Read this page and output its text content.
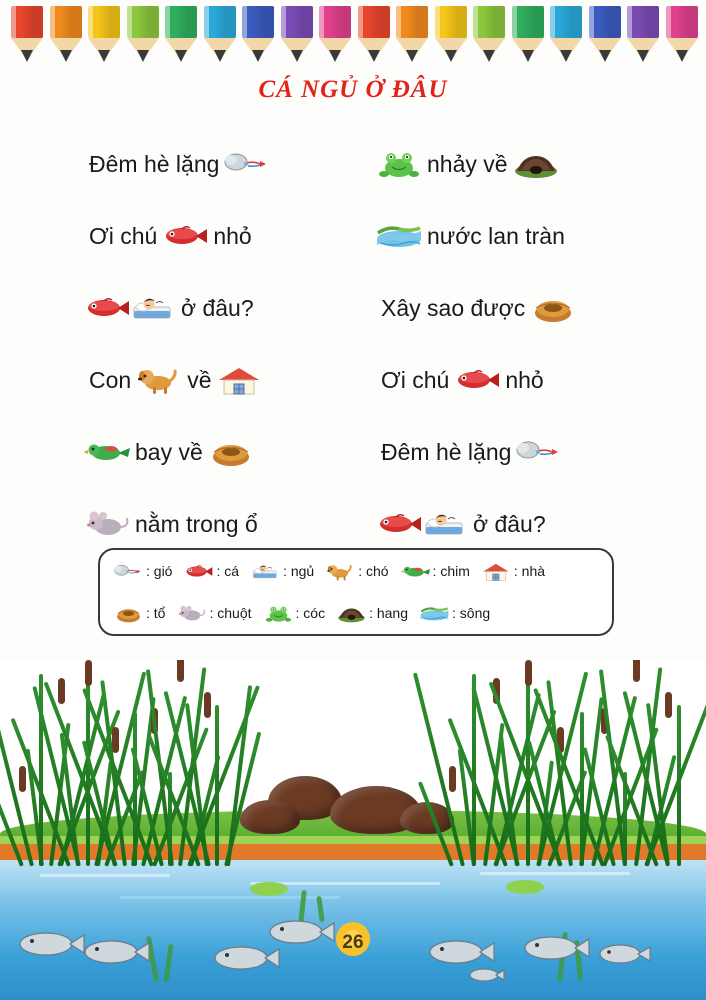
CÁ NGỦ Ở ĐÂU
Đêm hè lặng
Ơi chú nhỏ
ở đâu?
Con về
bay về
nằm trong ổ
nhảy về
nước lan tràn
Xây sao được
Ơi chú nhỏ
Đêm hè lặng
ở đâu?
: gió	: cá	: ngủ	: chó	: chim	: nhà
: tổ	: chuột	: cóc	: hang	: sông
26
